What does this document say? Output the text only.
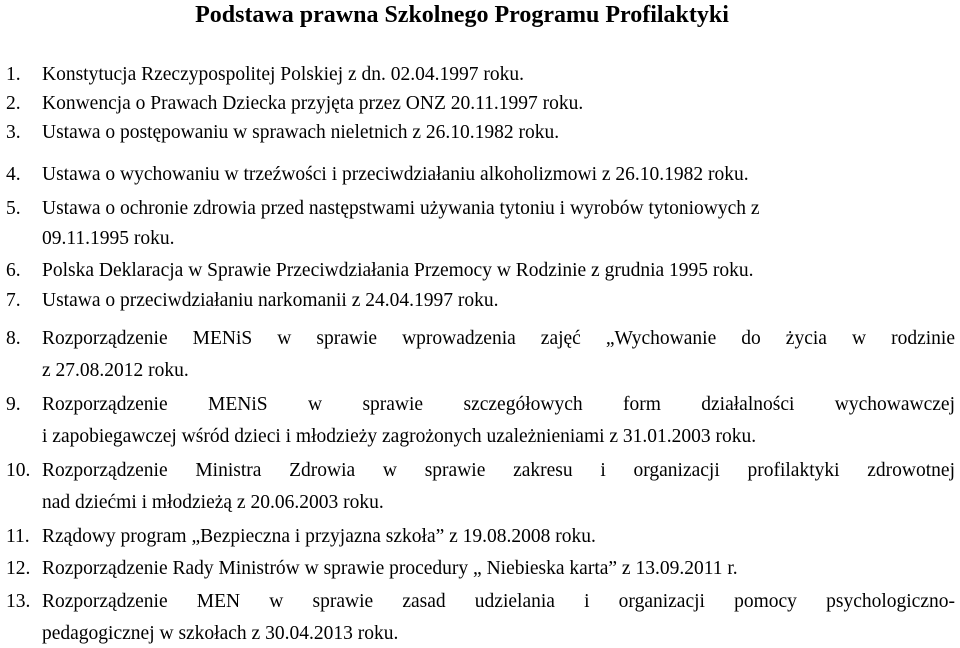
Podstawa prawna Szkolnego Programu Profilaktyki
1. Konstytucja Rzeczypospolitej Polskiej z dn. 02.04.1997 roku.
2. Konwencja o Prawach Dziecka przyjęta przez ONZ 20.11.1997 roku.
3. Ustawa o postępowaniu w sprawach nieletnich z 26.10.1982 roku.
4. Ustawa o wychowaniu w trzeźwości i przeciwdziałaniu alkoholizmowi z 26.10.1982 roku.
5. Ustawa o ochronie zdrowia przed następstwami używania tytoniu i wyrobów tytoniowych z
09.11.1995 roku.
6. Polska Deklaracja w Sprawie Przeciwdziałania Przemocy w Rodzinie z grudnia 1995 roku.
7. Ustawa o przeciwdziałaniu narkomanii z 24.04.1997 roku.
8. Rozporządzenie MENiS w sprawie wprowadzenia zajęć „Wychowanie do życia w rodzinie
z 27.08.2012 roku.
9. Rozporządzenie MENiS w sprawie szczegółowych form działalności wychowawczej
i zapobiegawczej wśród dzieci i młodzieży zagrożonych uzależnieniami z 31.01.2003 roku.
10. Rozporządzenie Ministra Zdrowia w sprawie zakresu i organizacji profilaktyki zdrowotnej
nad dziećmi i młodzieżą z 20.06.2003 roku.
11. Rządowy program „Bezpieczna i przyjazna szkoła” z 19.08.2008 roku.
12. Rozporządzenie Rady Ministrów w sprawie procedury „ Niebieska karta” z 13.09.2011 r.
13. Rozporządzenie MEN w sprawie zasad udzielania i organizacji pomocy psychologiczno-
pedagogicznej w szkołach z 30.04.2013 roku.
